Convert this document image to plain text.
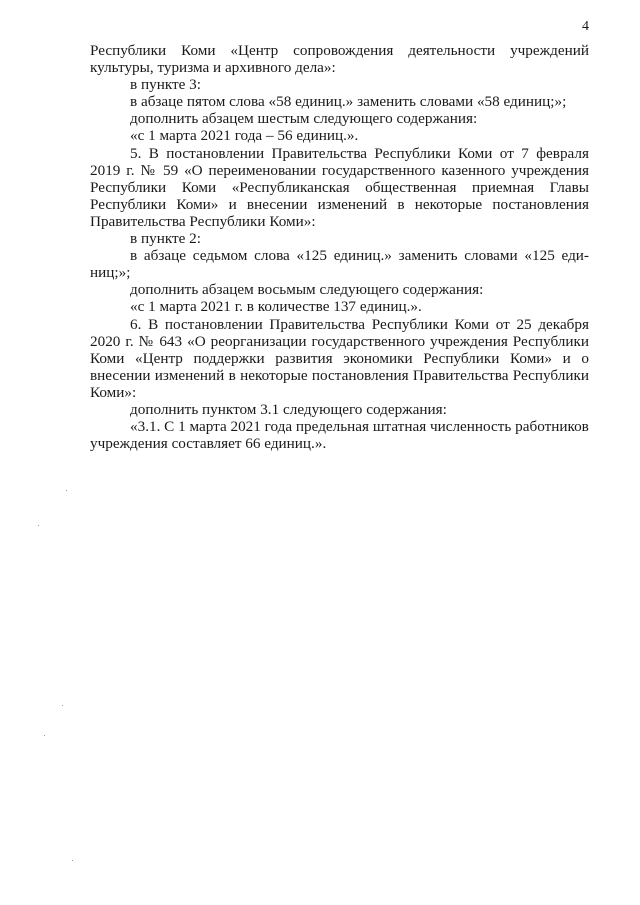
4

Республики Коми «Центр сопровождения деятельности учреждений культуры, туризма и архивного дела»:

в пункте 3:

в абзаце пятом слова «58 единиц.» заменить словами «58 единиц;»;

дополнить абзацем шестым следующего содержания:

«с 1 марта 2021 года – 56 единиц.».

5. В постановлении Правительства Республики Коми от 7 февраля 2019 г. № 59 «О переименовании государственного казенного учреждения Республики Коми «Республиканская общественная приемная Главы Республики Коми» и внесении изменений в некоторые постановления Правительства Республики Коми»:

в пункте 2:

в абзаце седьмом слова «125 единиц.» заменить словами «125 еди-ниц;»;

дополнить абзацем восьмым следующего содержания:

«с 1 марта 2021 г. в количестве 137 единиц.».

6. В постановлении Правительства Республики Коми от 25 декабря 2020 г. № 643 «О реорганизации государственного учреждения Республики Коми «Центр поддержки развития экономики Республики Коми» и о внесении изменений в некоторые постановления Правительства Республики Коми»:

дополнить пунктом 3.1 следующего содержания:

«3.1. С 1 марта 2021 года предельная штатная численность работников учреждения составляет 66 единиц.».
